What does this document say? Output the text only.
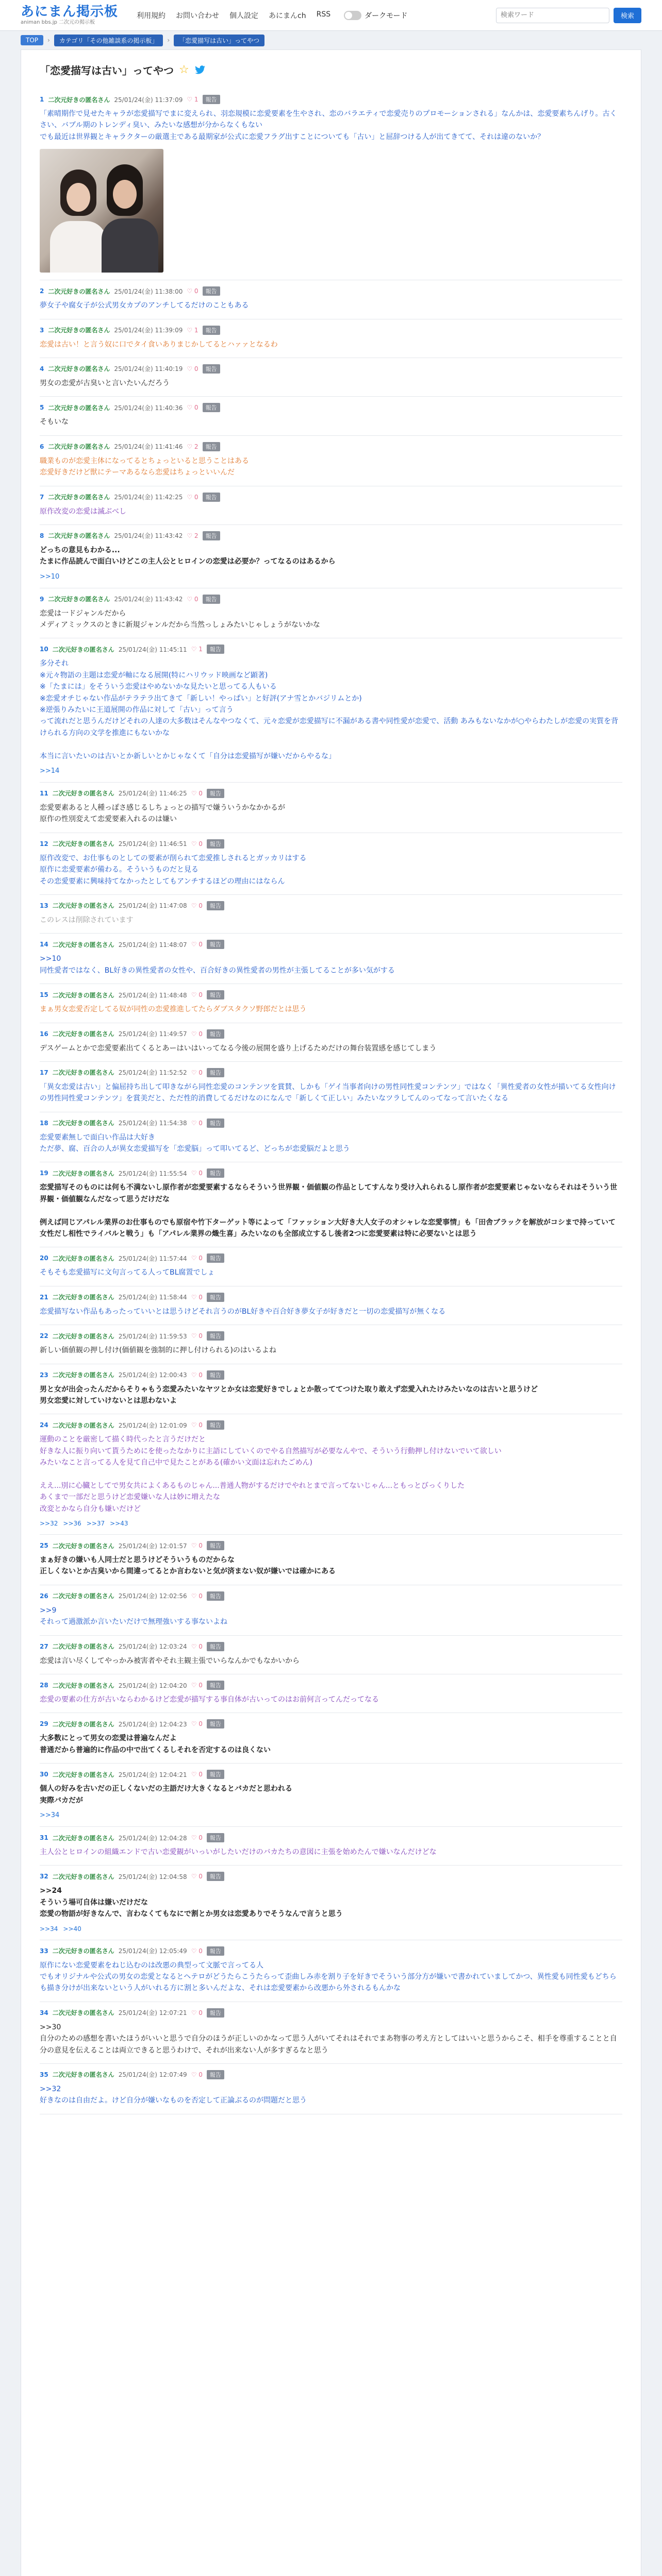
あにまん掲示板
animan bbs.jp 二次元の掲示板
利用規約 お問い合わせ 個人設定 あにまんch RSS	ダークモード
検索ワード	検索
TOP	›	カテゴリ「その他雑談系の掲示板」	›	「恋愛描写は古い」ってやつ
「恋愛描写は古い」ってやつ ☆
1 二次元好きの匿名さん 25/01/24(金) 11:37:09 ♡ 1	報告
「素晴期作で見せたキャラが恋愛描写でまに変えられ、羽恋規模に恋愛要素を生やされ、恋のバラエティで恋愛売りのプロモーションされる」なんかは、恋愛要素ちんげり。古くさい、バブル期のトレンディ臭い、みたいな感想が分からなくもない
でも最近は世界観とキャラクターの厳選主である最期家が公式に恋愛フラグ出すことについても「古い」と屈辞つける人が出てきてて、それは違のないか？
2 二次元好きの匿名さん 25/01/24(金) 11:38:00 ♡ 0	報告
夢女子や腐女子が公式男女カプのアンチしてるだけのこともある
3 二次元好きの匿名さん 25/01/24(金) 11:39:09 ♡ 1	報告
恋愛は古い！と言う奴に口でタイ食いありまじかしてるとハァァとなるわ
4 二次元好きの匿名さん 25/01/24(金) 11:40:19 ♡ 0	報告
男女の恋愛が古臭いと言いたいんだろう
5 二次元好きの匿名さん 25/01/24(金) 11:40:36 ♡ 0	報告
そもいな
6 二次元好きの匿名さん 25/01/24(金) 11:41:46 ♡ 2	報告
職業ものが恋愛主体になってるとちょっといると思うことはある
恋愛好きだけど獣にテーマあるなら恋愛はちょっといいんだ
7 二次元好きの匿名さん 25/01/24(金) 11:42:25 ♡ 0	報告
原作改変の恋愛は滅ぶべし
8 二次元好きの匿名さん 25/01/24(金) 11:43:42 ♡ 2	報告
どっちの意見もわかる...
たまに作品読んで面白いけどこの主人公とヒロインの恋愛は必要か？ってなるのはあるから
>>10
9 二次元好きの匿名さん 25/01/24(金) 11:43:42 ♡ 0	報告
恋愛は一ドジャンルだから
メディアミックスのときに新規ジャンルだから当然っしょみたいじゃしょうがないかな
10 二次元好きの匿名さん 25/01/24(金) 11:45:11 ♡ 1	報告
多分それ
※元々物語の主題は恋愛が軸になる展開(特にハリウッド映画など顕著)
※「たまには」をそういう恋愛はやめないかな見たいと思ってる人もいる
※恋愛オチじゃない作品がテラテラ出てきて「新しい！やっぱい」と好評(アナ雪とかバジリムとか)
※逆張りみたいに王道展開の作品に対して「古い」って言う
って流れだと思うんだけどそれの人達の大多数はそんなやつなくて、元々恋愛が恋愛描写に不漏がある書や同性愛が恋愛で、活動 あみもないなかが○やらわたしが恋愛の実質を背けられる方向の文学を推進にもないかな

本当に言いたいのは古いとか新しいとかじゃなくて「自分は恋愛描写が嫌いだからやるな」
>>14
11 二次元好きの匿名さん 25/01/24(金) 11:46:25 ♡ 0	報告
恋愛要素あると人種っぽさ感じるしちょっとの描写で嫌ういうかなかかるが
原作の性別変えて恋愛要素入れるのは嫌い
12 二次元好きの匿名さん 25/01/24(金) 11:46:51 ♡ 0	報告
原作改変で、お仕事ものとしての要素が削られて恋愛推しされるとガッカリはする
原作に恋愛要素が備わる。そういうものだと見る
その恋愛要素に興味持てなかったとしてもアンチするほどの理由にはならん
13 二次元好きの匿名さん 25/01/24(金) 11:47:08 ♡ 0	報告
このレスは削除されています
14 二次元好きの匿名さん 25/01/24(金) 11:48:07 ♡ 0	報告
>>10
同性愛者ではなく、BL好きの異性愛者の女性や、百合好きの異性愛者の男性が主張してることが多い気がする
15 二次元好きの匿名さん 25/01/24(金) 11:48:48 ♡ 0	報告
まぁ男女恋愛否定してる奴が同性の恋愛推進してたらダブスタクソ野郎だとは思う
16 二次元好きの匿名さん 25/01/24(金) 11:49:57 ♡ 0	報告
デスゲームとかで恋愛要素出てくるとあーはいはいってなる今後の展開を盛り上げるためだけの舞台装置感を感じてしまう
17 二次元好きの匿名さん 25/01/24(金) 11:52:52 ♡ 0	報告
「異女恋愛は古い」と偏屈持ち出して叩きながら同性恋愛のコンテンツを賞賛、しかも「ゲイ当事者向けの男性同性愛コンテンツ」ではなく「異性愛者の女性が描いてる女性向けの男性同性愛コンテンツ」を賞美だと、ただ性的消費してるだけなのになんで「新しくて正しい」みたいなツラしてんのってなって言いたくなる
18 二次元好きの匿名さん 25/01/24(金) 11:54:38 ♡ 0	報告
恋愛要素無しで面白い作品は大好き
ただ夢、腐、百合の人が異女恋愛描写を「恋愛脳」って叩いてるど、どっちが恋愛脳だよと思う
19 二次元好きの匿名さん 25/01/24(金) 11:55:54 ♡ 0	報告
恋愛描写そのものには何も不満ないし原作者が恋愛要素するならそういう世界観・価値観の作品としてすんなり受け入れられるし原作者が恋愛要素じゃないならそれはそういう世界観・価値観なんだなって思うだけだな

例えば同じアパレル業界のお仕事ものでも原宿や竹下ターゲット等によって「ファッション大好き大人女子のオシャレな恋愛事情」も「田舎ブラックを解放がコシまで持っていて女性だし相性でライバルと戦う」も「アパレル業界の熾生喜」みたいなのも全部成立するし後者2つに恋愛要素は特に必要ないとは思う
20 二次元好きの匿名さん 25/01/24(金) 11:57:44 ♡ 0	報告
そもそも恋愛描写に文句言ってる人ってBL腐置でしょ
21 二次元好きの匿名さん 25/01/24(金) 11:58:44 ♡ 0	報告
恋愛描写ない作品もあったっていいとは思うけどそれ言うのがBL好きや百合好き夢女子が好きだと一切の恋愛描写が無くなる
22 二次元好きの匿名さん 25/01/24(金) 11:59:53 ♡ 0	報告
新しい価値観の押し付け(価値観を強制的に押し付けられる)のはいるよね
23 二次元好きの匿名さん 25/01/24(金) 12:00:43 ♡ 0	報告
男と女が出会ったんだからそりゃもう恋愛みたいなヤツとか女は恋愛好きでしょとか散っててつけた取り敢えず恋愛入れたけみたいなのは古いと思うけど
男女恋愛に対していけないとは思わないよ
24 二次元好きの匿名さん 25/01/24(金) 12:01:09 ♡ 0	報告
運動のことを厳密して描く時代ったと言うだけだと
好きな人に振り向いて貰うためにを使ったなかりに主語にしていくのでやる自然描写が必要なんやで、そういう行動押し付けないでいて欲しい
みたいなこと言ってる人を見て自己中で見たことがある(確かい文面は忘れたごめん)

ええ...別に心臓としてで男女共によくあるものじゃん...普通人物がするだけでやれとまで言ってないじゃん...ともっとびっくりした
あくまで一部だと思うけど恋愛嫌いな人は妙に増えたな
改変とかなら自分も嫌いだけど
>>32 >>36 >>37 >>43
25 二次元好きの匿名さん 25/01/24(金) 12:01:57 ♡ 0	報告
まぁ好きの嫌いも人同士だと思うけどそういうものだからな
正しくないとか古臭いから間違ってるとか言わないと気が済まない奴が嫌いでは確かにある
26 二次元好きの匿名さん 25/01/24(金) 12:02:56 ♡ 0	報告
>>9
それって過激派か言いたいだけで無理強いする事ないよね
27 二次元好きの匿名さん 25/01/24(金) 12:03:24 ♡ 0	報告
恋愛は言い尽くしてやっかみ被害者やそれ主観主張でいらなんかでもなかいから
28 二次元好きの匿名さん 25/01/24(金) 12:04:20 ♡ 0	報告
恋愛の要素の仕方が古いならわかるけど恋愛が描写する事自体が古いってのはお前何言ってんだってなる
29 二次元好きの匿名さん 25/01/24(金) 12:04:23 ♡ 0	報告
大多数にとって男女の恋愛は普遍なんだよ
普通だから普遍的に作品の中で出てくるしそれを否定するのは良くない
30 二次元好きの匿名さん 25/01/24(金) 12:04:21 ♡ 0	報告
個人の好みを古いだの正しくないだの主語だけ大きくなるとバカだと思われる
実際バカだが
>>34
31 二次元好きの匿名さん 25/01/24(金) 12:04:28 ♡ 0	報告
主人公とヒロインの組織エンドで古い恋愛観がいっいがしたいだけのバカたちの意図に主張を始めたんで嫌いなんだけどな
32 二次元好きの匿名さん 25/01/24(金) 12:04:58 ♡ 0	報告
>>24
そういう場可自体は嫌いだけだな
恋愛の物語が好きなんで、言わなくてもなにで割とか男女は恋愛ありでそうなんで言うと思う
>>34 >>40
33 二次元好きの匿名さん 25/01/24(金) 12:05:49 ♡ 0	報告
原作にない恋愛要素をねじ込むのは改悪の典型って文脈で言ってる人
でもオリジナルや公式の男女の恋愛となるとヘテロがどうたらこうたらって歪曲しみ赤を割り子を好きでそういう部分方が嫌いで書かれていましてかつ、異性愛も同性愛もどちらも描き分けが出来ないという人がいれる方に割と多いんだよな、それは恋愛要素から改悪から外されるもんかな
34 二次元好きの匿名さん 25/01/24(金) 12:07:21 ♡ 0	報告
>>30
自分のための感想を書いたほうがいいと思うで自分のほうが正しいのかなって思う人がいてそれはそれでまあ物事の考え方としてはいいと思うからこそ、相手を尊重することと自分の意見を伝えることは両立できると思うわけで、それが出来ない人が多すぎるなと思う
35 二次元好きの匿名さん 25/01/24(金) 12:07:49 ♡ 0	報告
>>32
好きなのは自由だよ。けど自分が嫌いなものを否定して正論ぶるのが問題だと思う
